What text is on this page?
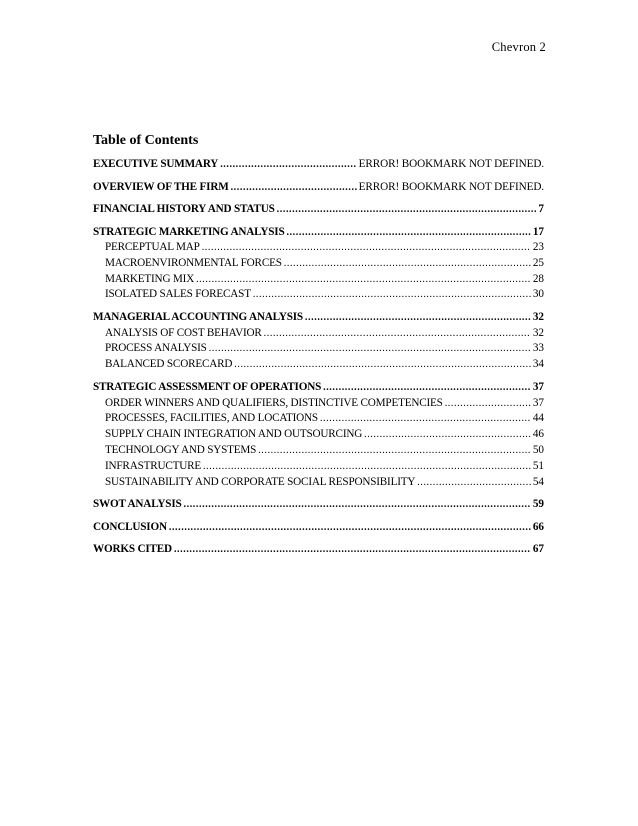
Chevron 2
Table of Contents
EXECUTIVE SUMMARY .....	ERROR! BOOKMARK NOT DEFINED.
OVERVIEW OF THE FIRM .....	ERROR! BOOKMARK NOT DEFINED.
FINANCIAL HISTORY AND STATUS .....	7
STRATEGIC MARKETING ANALYSIS .....	17
PERCEPTUAL MAP .....	23
MACROENVIRONMENTAL FORCES .....	25
MARKETING MIX .....	28
ISOLATED SALES FORECAST .....	30
MANAGERIAL ACCOUNTING ANALYSIS .....	32
ANALYSIS OF COST BEHAVIOR .....	32
PROCESS ANALYSIS .....	33
BALANCED SCORECARD .....	34
STRATEGIC ASSESSMENT OF OPERATIONS .....	37
ORDER WINNERS AND QUALIFIERS, DISTINCTIVE COMPETENCIES .....	37
PROCESSES, FACILITIES, AND LOCATIONS .....	44
SUPPLY CHAIN INTEGRATION AND OUTSOURCING .....	46
TECHNOLOGY AND SYSTEMS .....	50
INFRASTRUCTURE .....	51
SUSTAINABILITY AND CORPORATE SOCIAL RESPONSIBILITY .....	54
SWOT ANALYSIS .....	59
CONCLUSION .....	66
WORKS CITED .....	67
